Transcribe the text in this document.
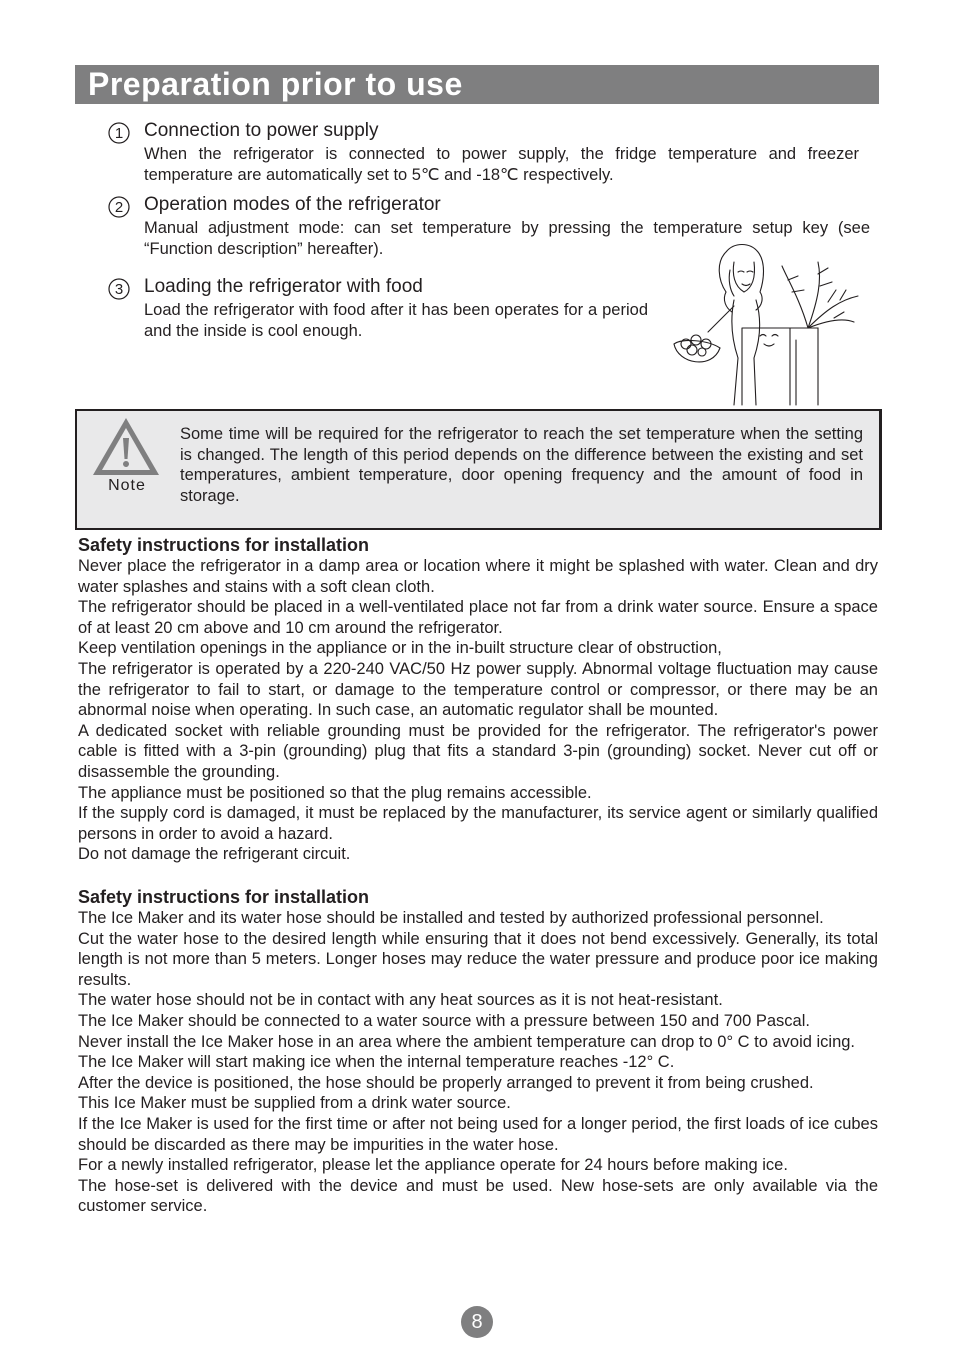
Preparation prior to use
1 Connection to power supply
When the refrigerator is connected to power supply, the fridge temperature and freezer temperature are automatically set to 5℃ and -18℃ respectively.
2 Operation modes of the refrigerator
Manual adjustment mode: can set temperature by pressing the temperature setup key (see “Function description” hereafter).
3 Loading the refrigerator with food
Load the refrigerator with food after it has been operates for a period and the inside is cool enough.
Note
Some time will be required for the refrigerator to reach the set temperature when the setting is changed. The length of this period depends on the difference between the existing and set temperatures, ambient temperature, door opening frequency and the amount of food in storage.
Safety instructions for installation

Never place the refrigerator in a damp area or location where it might be splashed with water. Clean and dry water splashes and stains with a soft clean cloth.

The refrigerator should be placed in a well-ventilated place not far from a drink water source. Ensure a space of at least 20 cm above and 10 cm around the refrigerator.

Keep ventilation openings in the appliance or in the in-built structure clear of obstruction,

The refrigerator is operated by a 220-240 VAC/50 Hz power supply. Abnormal voltage fluctuation may cause the refrigerator to fail to start, or damage to the temperature control or compressor, or there may be an abnormal noise when operating. In such case, an automatic regulator shall be mounted.

A dedicated socket with reliable grounding must be provided for the refrigerator. The refrigerator's power cable is fitted with a 3-pin (grounding) plug that fits a standard 3-pin (grounding) socket. Never cut off or disassemble the grounding.

The appliance must be positioned so that the plug remains accessible.

If the supply cord is damaged, it must be replaced by the manufacturer, its service agent or similarly qualified persons in order to avoid a hazard.

Do not damage the refrigerant circuit.

Safety instructions for installation

The Ice Maker and its water hose should be installed and tested by authorized professional personnel.

Cut the water hose to the desired length while ensuring that it does not bend excessively. Generally, its total length is not more than 5 meters. Longer hoses may reduce the water pressure and produce poor ice making results.

The water hose should not be in contact with any heat sources as it is not heat-resistant.

The Ice Maker should be connected to a water source with a pressure between 150 and 700 Pascal.

Never install the Ice Maker hose in an area where the ambient temperature can drop to 0° C to avoid icing.

The Ice Maker will start making ice when the internal temperature reaches -12° C.

After the device is positioned, the hose should be properly arranged to prevent it from being crushed.

This Ice Maker must be supplied from a drink water source.

If the Ice Maker is used for the first time or after not being used for a longer period, the first loads of ice cubes should be discarded as there may be impurities in the water hose.

For a newly installed refrigerator, please let the appliance operate for 24 hours before making ice.

The hose-set is delivered with the device and must be used. New hose-sets are only available via the customer service.

8
